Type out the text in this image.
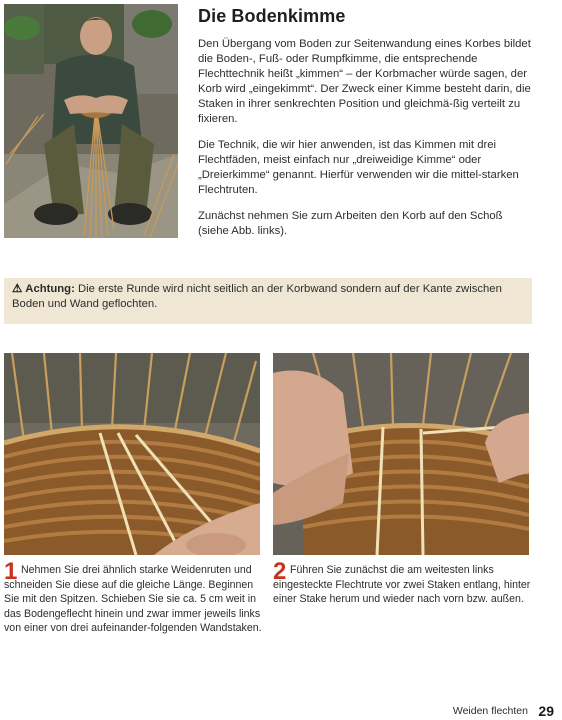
Die Bodenkimme

Den Übergang vom Boden zur Seitenwandung eines Korbes bildet die Boden-, Fuß- oder Rumpfkimme, die entsprechende Flechttechnik heißt „kimmen“ – der Korbmacher würde sagen, der Korb wird „eingekimmt“. Der Zweck einer Kimme besteht darin, die Staken in ihrer senkrechten Position und gleichmä-ßig verteilt zu fixieren.

Die Technik, die wir hier anwenden, ist das Kimmen mit drei Flechtfäden, meist einfach nur „dreiweidige Kimme“ oder „Dreierkimme“ genannt. Hierfür verwenden wir die mittel-starken Flechtruten.

Zunächst nehmen Sie zum Arbeiten den Korb auf den Schoß (siehe Abb. links).

⚠ Achtung: Die erste Runde wird nicht seitlich an der Korbwand sondern auf der Kante zwischen Boden und Wand geflochten.
1 Nehmen Sie drei ähnlich starke Weidenruten und schneiden Sie diese auf die gleiche Länge. Beginnen Sie mit den Spitzen. Schieben Sie sie ca. 5 cm weit in das Bodengeflecht hinein und zwar immer jeweils links von einer von drei aufeinander-folgenden Wandstaken.

2 Führen Sie zunächst die am weitesten links eingesteckte Flechtrute vor zwei Staken entlang, hinter einer Stake herum und wieder nach vorn bzw. außen.

Weiden flechten 29
